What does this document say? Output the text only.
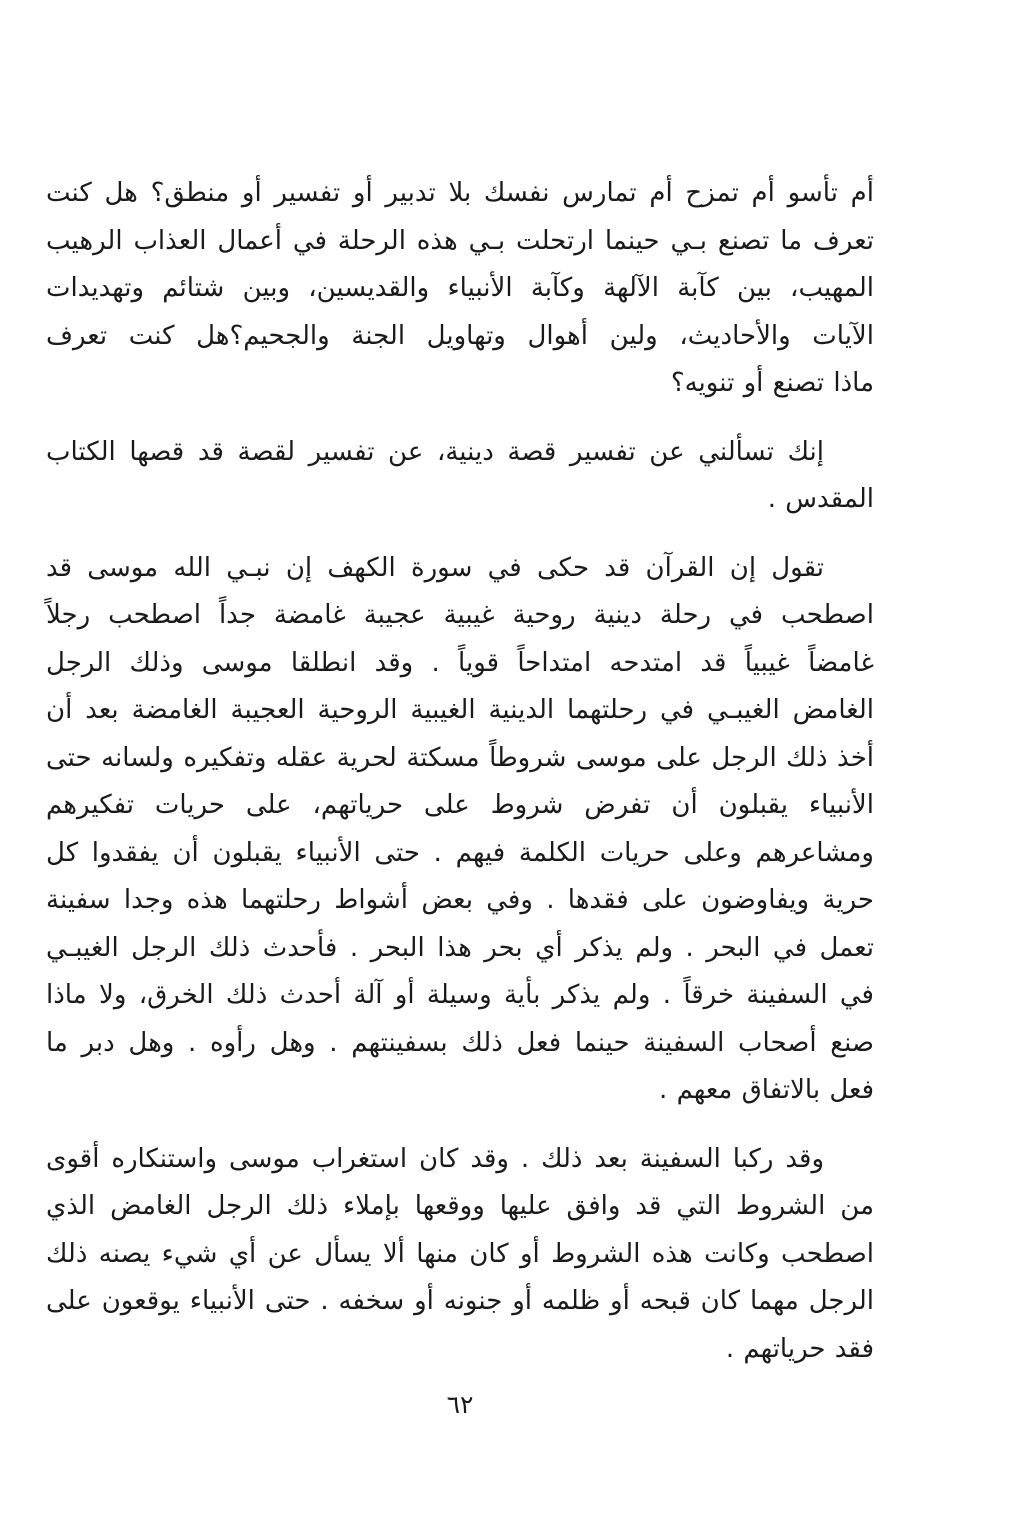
أم تأسو أم تمزح أم تمارس نفسك بلا تدبير أو تفسير أو منطق؟ هل كنت
تعرف ما تصنع بـي حينما ارتحلت بـي هذه الرحلة في أعمال العذاب الرهيب
المهيب، بين كآبة الآلهة وكآبة الأنبياء والقديسين، وبين شتائم وتهديدات
الآيات والأحاديث، ولين أهوال وتهاويل الجنة والجحيم؟هل كنت تعرف
ماذا تصنع أو تنويه؟

إنك تسألني عن تفسير قصة دينية، عن تفسير لقصة قد قصها الكتاب
المقدس .

تقول إن القرآن قد حكى في سورة الكهف إن نبـي الله موسى قد
اصطحب في رحلة دينية روحية غيبية عجيبة غامضة جداً اصطحب رجلاً
غامضاً غيبياً قد امتدحه امتداحاً قوياً . وقد انطلقا موسى وذلك الرجل
الغامض الغيبـي في رحلتهما الدينية الغيبية الروحية العجيبة الغامضة بعد أن
أخذ ذلك الرجل على موسى شروطاً مسكتة لحرية عقله وتفكيره ولسانه حتى
الأنبياء يقبلون أن تفرض شروط على حرياتهم، على حريات تفكيرهم
ومشاعرهم وعلى حريات الكلمة فيهم . حتى الأنبياء يقبلون أن يفقدوا كل
حرية ويفاوضون على فقدها . وفي بعض أشواط رحلتهما هذه وجدا سفينة
تعمل في البحر . ولم يذكر أي بحر هذا البحر . فأحدث ذلك الرجل الغيبـي
في السفينة خرقاً . ولم يذكر بأية وسيلة أو آلة أحدث ذلك الخرق، ولا ماذا
صنع أصحاب السفينة حينما فعل ذلك بسفينتهم . وهل رأوه . وهل دبر ما
فعل بالاتفاق معهم .

وقد ركبا السفينة بعد ذلك . وقد كان استغراب موسى واستنكاره أقوى
من الشروط التي قد وافق عليها ووقعها بإملاء ذلك الرجل الغامض الذي
اصطحب وكانت هذه الشروط أو كان منها ألا يسأل عن أي شيء يصنه ذلك
الرجل مهما كان قبحه أو ظلمه أو جنونه أو سخفه . حتى الأنبياء يوقعون على
فقد حرياتهم .

٦٢
